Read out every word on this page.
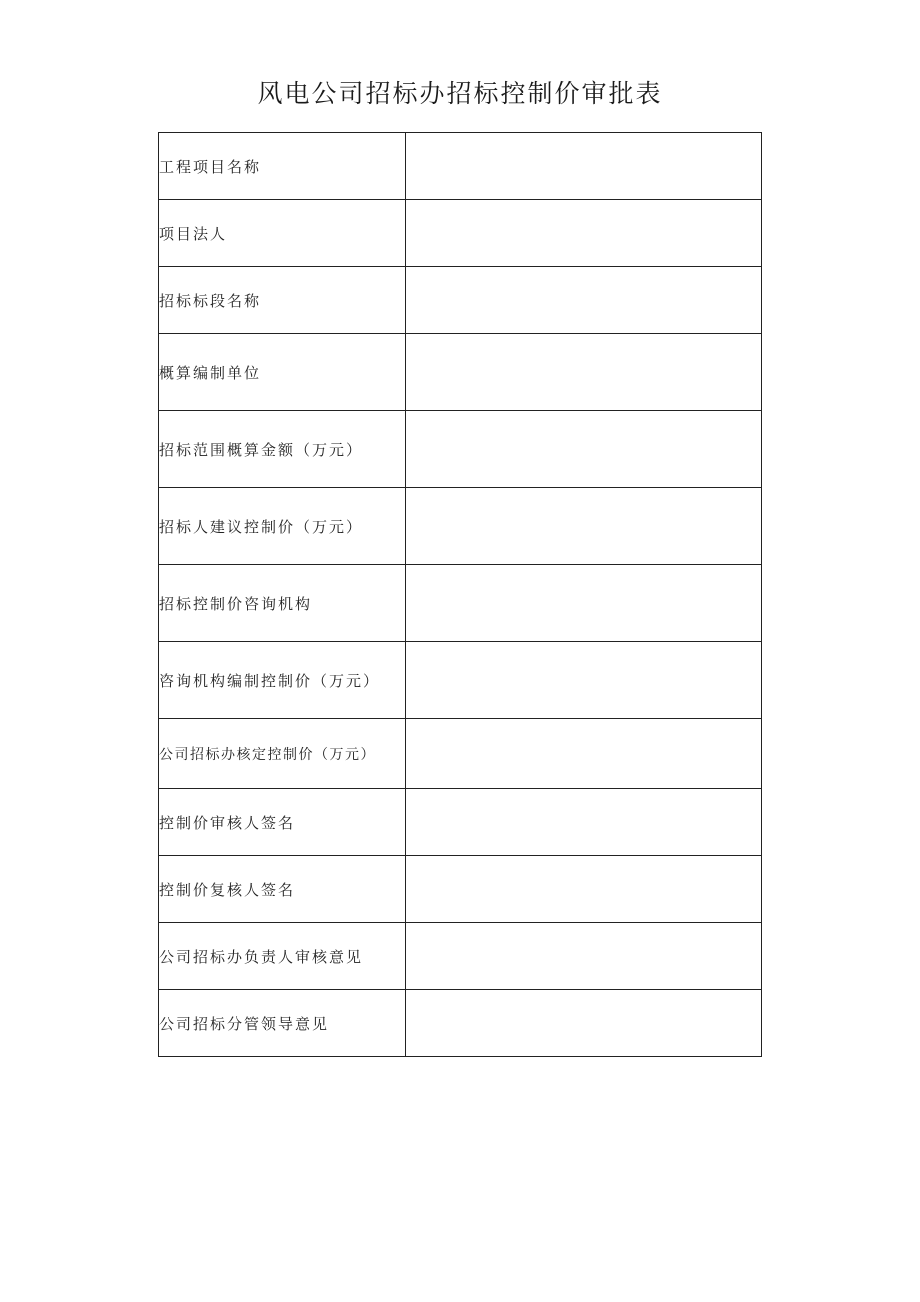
风电公司招标办招标控制价审批表
工程项目名称	
项目法人	
招标标段名称	
概算编制单位	
招标范围概算金额（万元）	
招标人建议控制价（万元）	
招标控制价咨询机构	
咨询机构编制控制价（万元）	
公司招标办核定控制价（万元）	
控制价审核人签名	
控制价复核人签名	
公司招标办负责人审核意见	
公司招标分管领导意见	
